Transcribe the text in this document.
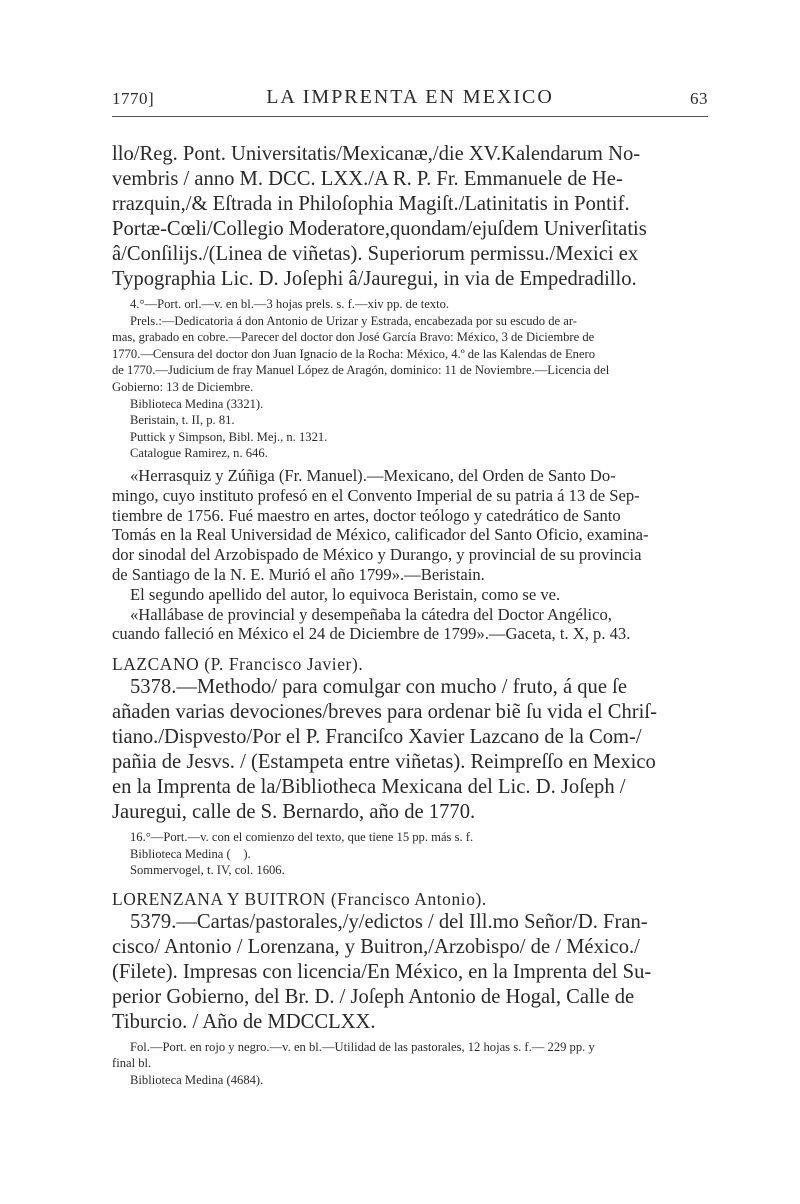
1770]	LA IMPRENTA EN MEXICO	63

llo/Reg. Pont. Universitatis/Mexicanæ,/die XV.Kalendarum No-

vembris / anno M. DCC. LXX./A R. P. Fr. Emmanuele de He-

rrazquin,/& Eſtrada in Philoſophia Magiſt./Latinitatis in Pontif.

Portæ-Cœli/Collegio Moderatore,quondam/ejuſdem Univerſitatis

â/Conſilijs./(Linea de viñetas). Superiorum permissu./Mexici ex

Typographia Lic. D. Joſephi â/Jauregui, in via de Empedradillo.

4.°—Port. orl.—v. en bl.—3 hojas prels. s. f.—xiv pp. de texto.

Prels.:—Dedicatoria á don Antonio de Urizar y Estrada, encabezada por su escudo de ar-

mas, grabado en cobre.—Parecer del doctor don José García Bravo: México, 3 de Diciembre de

1770.—Censura del doctor don Juan Ignacio de la Rocha: México, 4.º de las Kalendas de Enero

de 1770.—Judicium de fray Manuel López de Aragón, dominico: 11 de Noviembre.—Licencia del

Gobierno: 13 de Diciembre.

Biblioteca Medina (3321).

Beristain, t. II, p. 81.

Puttick y Simpson, Bibl. Mej., n. 1321.

Catalogue Ramirez, n. 646.

«Herrasquiz y Zúñiga (Fr. Manuel).—Mexicano, del Orden de Santo Do-

mingo, cuyo instituto profesó en el Convento Imperial de su patria á 13 de Sep-

tiembre de 1756. Fué maestro en artes, doctor teólogo y catedrático de Santo

Tomás en la Real Universidad de México, calificador del Santo Oficio, examina-

dor sinodal del Arzobispado de México y Durango, y provincial de su provincia

de Santiago de la N. E. Murió el año 1799».—Beristain.

El segundo apellido del autor, lo equivoca Beristain, como se ve.

«Hallábase de provincial y desempeñaba la cátedra del Doctor Angélico,

cuando falleció en México el 24 de Diciembre de 1799».—Gaceta, t. X, p. 43.

LAZCANO (P. Francisco Javier).

5378.—Methodo/ para comulgar con mucho / fruto, á que ſe

añaden varias devociones/breves para ordenar biẽ ſu vida el Chriſ-

tiano./Dispvesto/Por el P. Franciſco Xavier Lazcano de la Com-/

pañia de Jesvs. / (Estampeta entre viñetas). Reimpreſſo en Mexico

en la Imprenta de la/Bibliotheca Mexicana del Lic. D. Joſeph /

Jauregui, calle de S. Bernardo, año de 1770.

16.°—Port.—v. con el comienzo del texto, que tiene 15 pp. más s. f.

Biblioteca Medina (    ).

Sommervogel, t. IV, col. 1606.

LORENZANA Y BUITRON (Francisco Antonio).

5379.—Cartas/pastorales,/y/edictos / del Ill.mo Señor/D. Fran-

cisco/ Antonio / Lorenzana, y Buitron,/Arzobispo/ de / México./

(Filete). Impresas con licencia/En México, en la Imprenta del Su-

perior Gobierno, del Br. D. / Joſeph Antonio de Hogal, Calle de

Tiburcio. / Año de MDCCLXX.

Fol.—Port. en rojo y negro.—v. en bl.—Utilidad de las pastorales, 12 hojas s. f.— 229 pp. y

final bl.

Biblioteca Medina (4684).
